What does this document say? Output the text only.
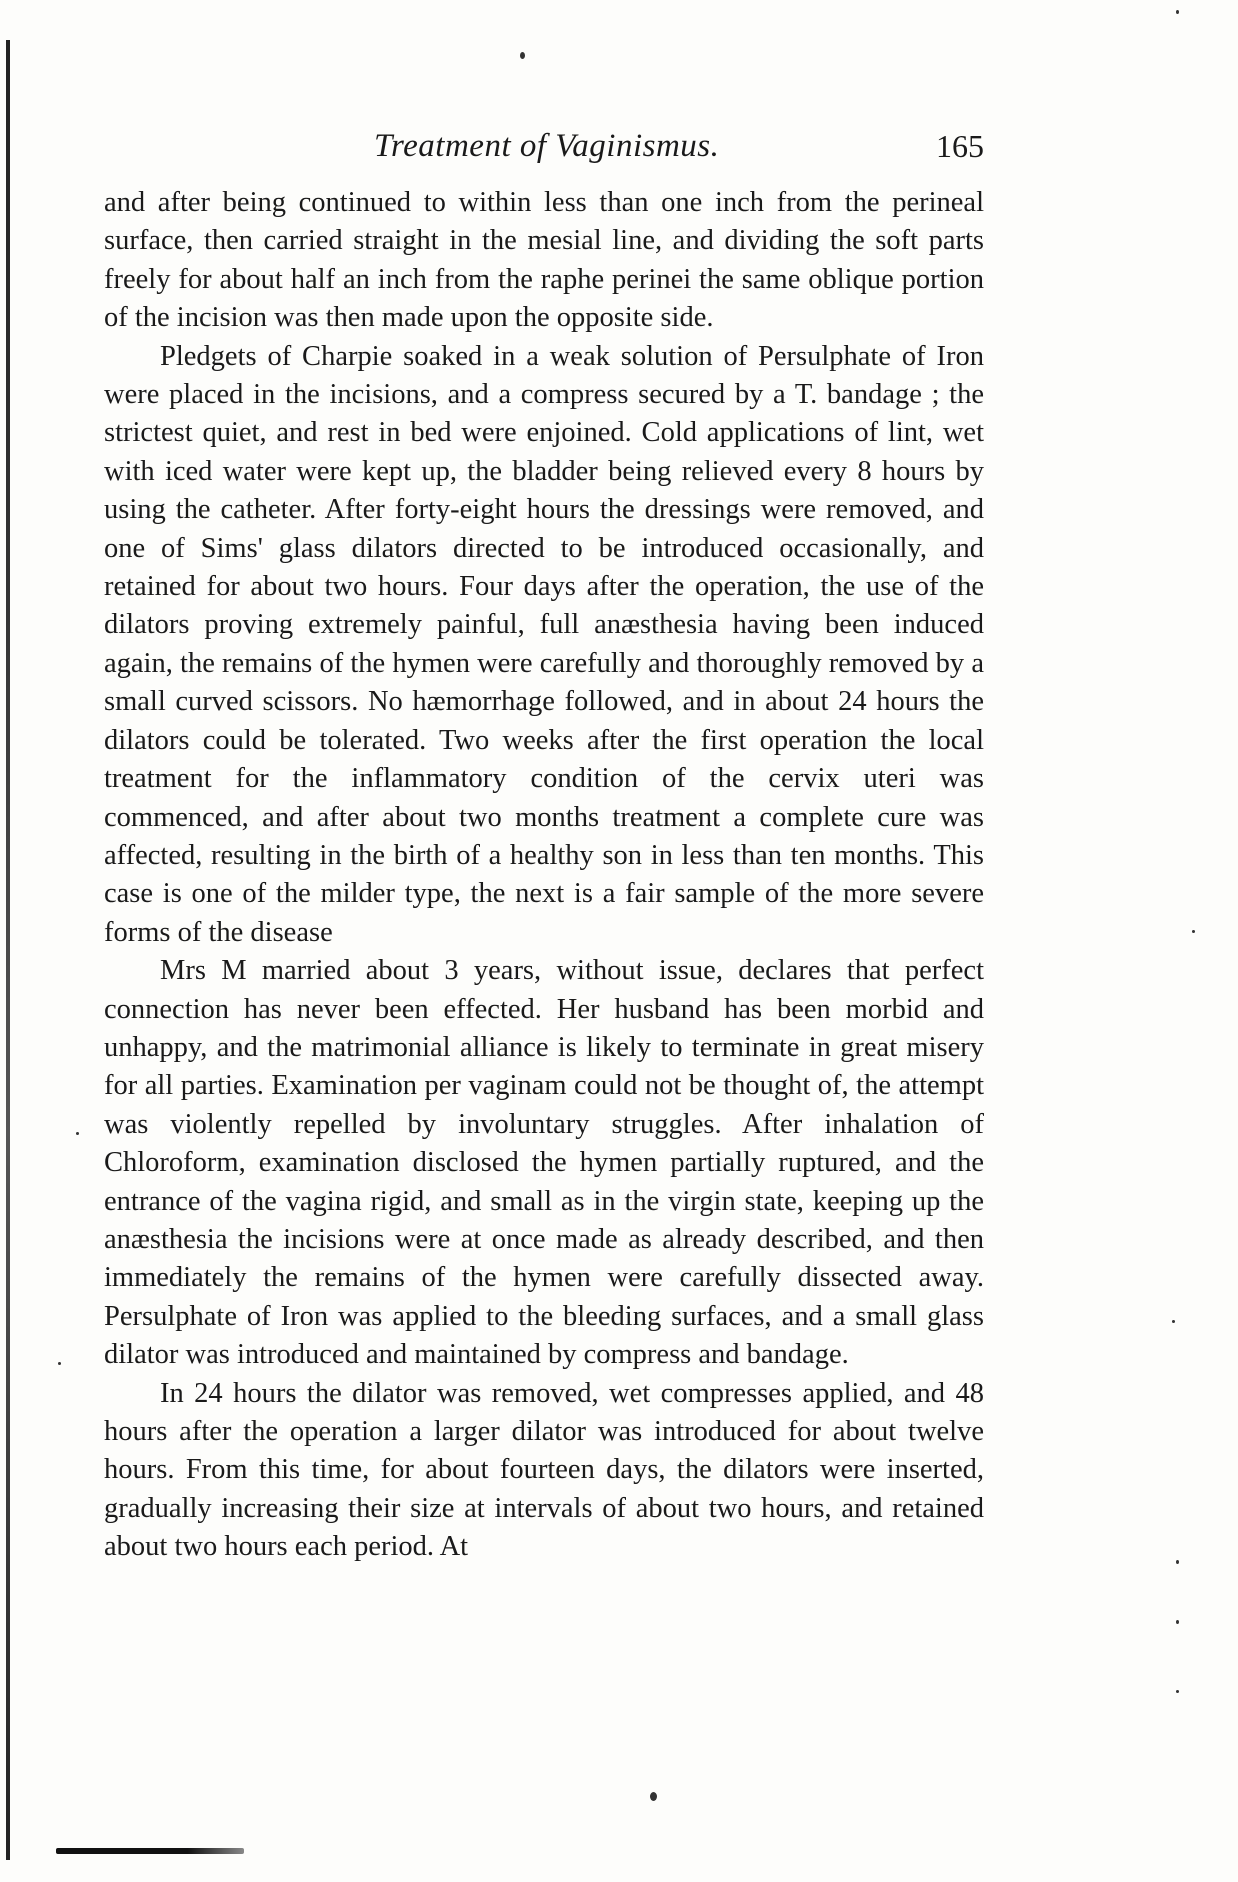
Treatment of Vaginismus.	165

and after being continued to within less than one inch from the perineal surface, then carried straight in the mesial line, and dividing the soft parts freely for about half an inch from the raphe perinei the same oblique portion of the incision was then made upon the opposite side.

Pledgets of Charpie soaked in a weak solution of Persulphate of Iron were placed in the incisions, and a compress secured by a T. bandage ; the strictest quiet, and rest in bed were enjoined. Cold applications of lint, wet with iced water were kept up, the bladder being relieved every 8 hours by using the catheter. After forty-eight hours the dressings were removed, and one of Sims' glass dilators directed to be introduced occasionally, and retained for about two hours. Four days after the operation, the use of the dilators proving extremely painful, full anæsthesia having been induced again, the remains of the hymen were carefully and thoroughly removed by a small curved scissors. No hæmorrhage followed, and in about 24 hours the dilators could be tolerated. Two weeks after the first operation the local treatment for the inflammatory condition of the cervix uteri was commenced, and after about two months treatment a complete cure was affected, resulting in the birth of a healthy son in less than ten months. This case is one of the milder type, the next is a fair sample of the more severe forms of the disease

Mrs M married about 3 years, without issue, declares that perfect connection has never been effected. Her husband has been morbid and unhappy, and the matrimonial alliance is likely to terminate in great misery for all parties. Examination per vaginam could not be thought of, the attempt was violently repelled by involuntary struggles. After inhalation of Chloroform, examination disclosed the hymen partially ruptured, and the entrance of the vagina rigid, and small as in the virgin state, keeping up the anæsthesia the incisions were at once made as already described, and then immediately the remains of the hymen were carefully dissected away. Persulphate of Iron was applied to the bleeding surfaces, and a small glass dilator was introduced and maintained by compress and bandage.

In 24 hours the dilator was removed, wet compresses applied, and 48 hours after the operation a larger dilator was introduced for about twelve hours. From this time, for about fourteen days, the dilators were inserted, gradually increasing their size at intervals of about two hours, and retained about two hours each period. At
